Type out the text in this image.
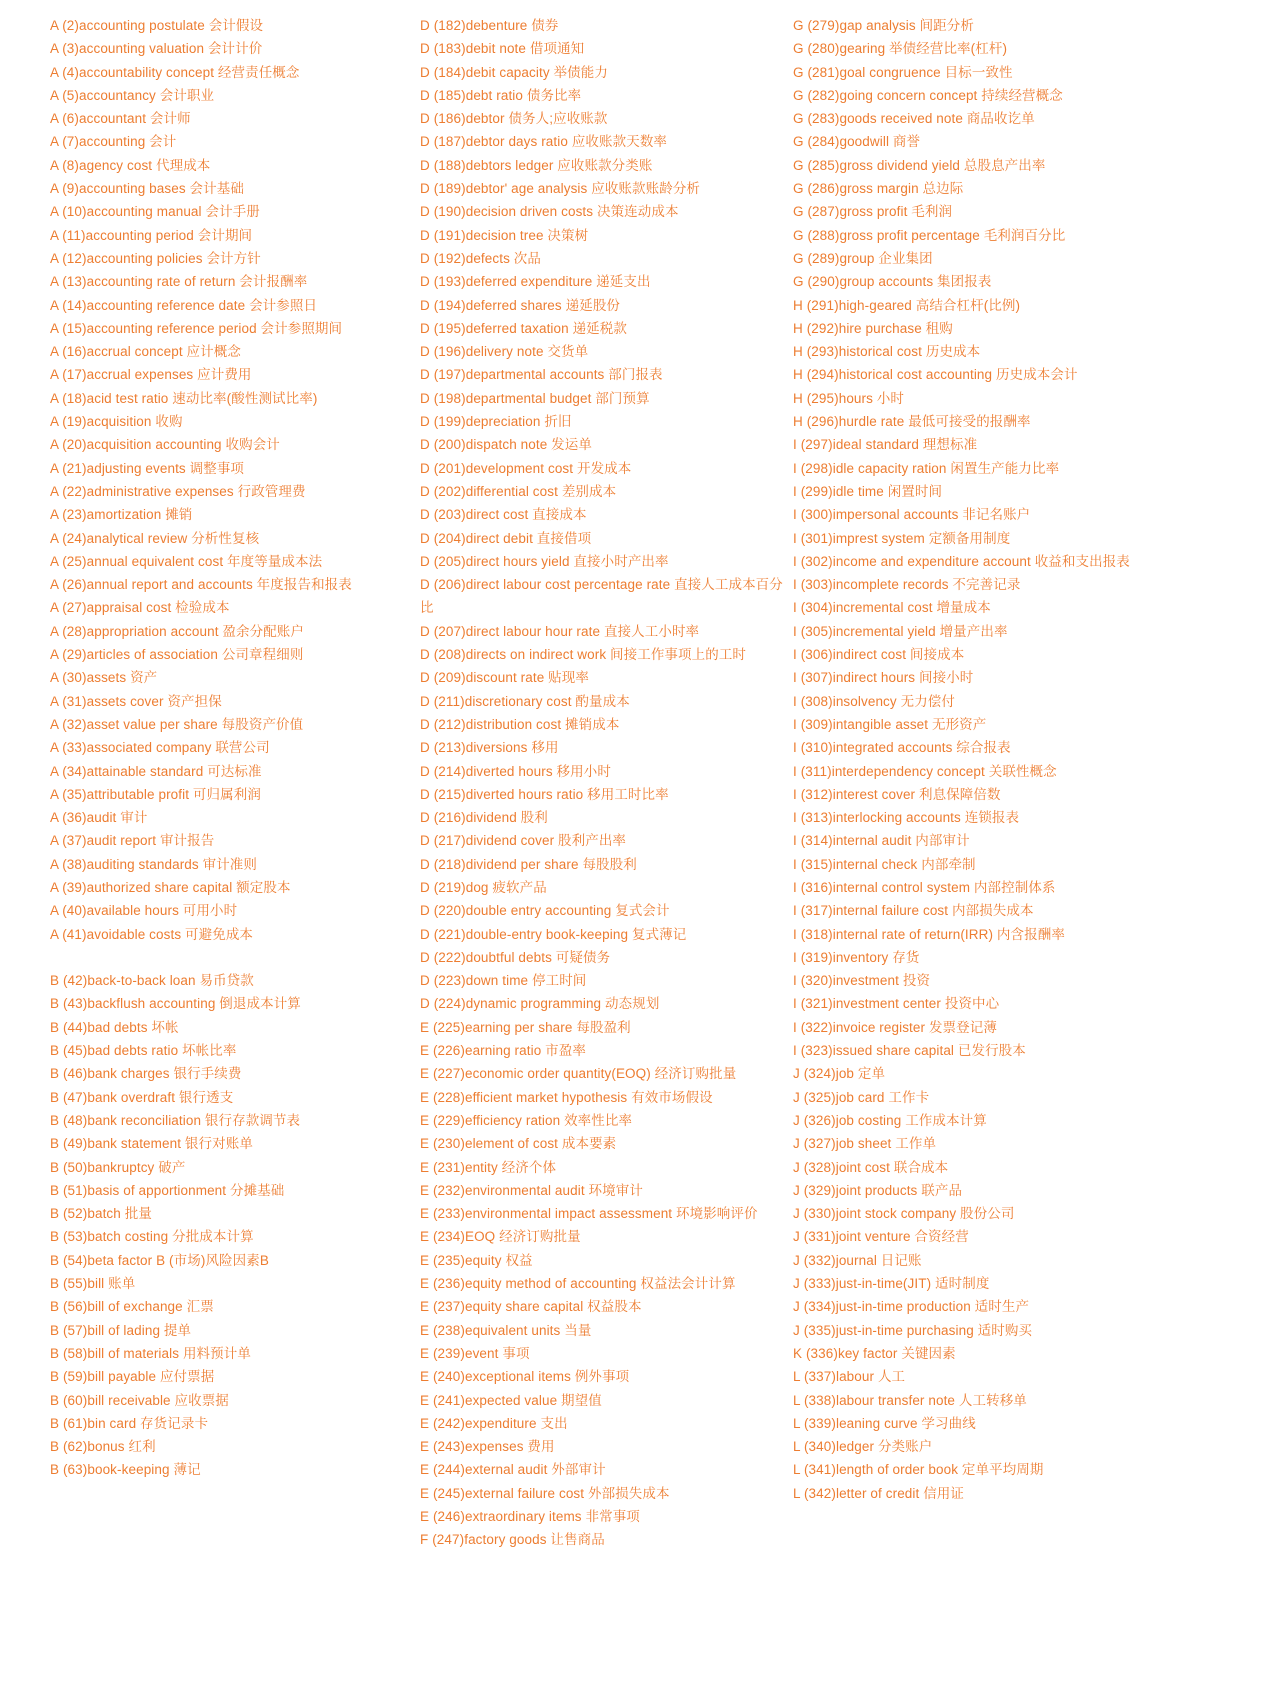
A (2)accounting postulate 会计假设
A (3)accounting valuation 会计计价
A (4)accountability concept 经营责任概念
A (5)accountancy 会计职业
A (6)accountant 会计师
A (7)accounting 会计
A (8)agency cost 代理成本
A (9)accounting bases 会计基础
A (10)accounting manual 会计手册
A (11)accounting period 会计期间
A (12)accounting policies 会计方针
A (13)accounting rate of return 会计报酬率
A (14)accounting reference date 会计参照日
A (15)accounting reference period 会计参照期间
A (16)accrual concept 应计概念
A (17)accrual expenses 应计费用
A (18)acid test ratio 速动比率(酸性测试比率)
A (19)acquisition 收购
A (20)acquisition accounting 收购会计
A (21)adjusting events 调整事项
A (22)administrative expenses 行政管理费
A (23)amortization 摊销
A (24)analytical review 分析性复核
A (25)annual equivalent cost 年度等量成本法
A (26)annual report and accounts 年度报告和报表
A (27)appraisal cost 检验成本
A (28)appropriation account 盈余分配账户
A (29)articles of association 公司章程细则
A (30)assets 资产
A (31)assets cover 资产担保
A (32)asset value per share 每股资产价值
A (33)associated company 联营公司
A (34)attainable standard 可达标准
A (35)attributable profit 可归属利润
A (36)audit 审计
A (37)audit report 审计报告
A (38)auditing standards 审计准则
A (39)authorized share capital 额定股本
A (40)available hours 可用小时
A (41)avoidable costs 可避免成本
B (42)back-to-back loan 易币贷款
B (43)backflush accounting 倒退成本计算
B (44)bad debts 坏帐
B (45)bad debts ratio 坏帐比率
B (46)bank charges 银行手续费
B (47)bank overdraft 银行透支
B (48)bank reconciliation 银行存款调节表
B (49)bank statement 银行对账单
B (50)bankruptcy 破产
B (51)basis of apportionment 分摊基础
B (52)batch 批量
B (53)batch costing 分批成本计算
B (54)beta factor B (市场)风险因素B
B (55)bill 账单
B (56)bill of exchange 汇票
B (57)bill of lading 提单
B (58)bill of materials 用料预计单
B (59)bill payable 应付票据
B (60)bill receivable 应收票据
B (61)bin card 存货记录卡
B (62)bonus 红利
B (63)book-keeping 薄记
D (182)debenture 债券
D (183)debit note 借项通知
D (184)debit capacity 举债能力
D (185)debt ratio 债务比率
D (186)debtor 债务人;应收账款
D (187)debtor days ratio 应收账款天数率
D (188)debtors ledger 应收账款分类账
D (189)debtor' age analysis 应收账款账龄分析
D (190)decision driven costs 决策连动成本
D (191)decision tree 决策树
D (192)defects 次品
D (193)deferred expenditure 递延支出
D (194)deferred shares 递延股份
D (195)deferred taxation 递延税款
D (196)delivery note 交货单
D (197)departmental accounts 部门报表
D (198)departmental budget 部门预算
D (199)depreciation 折旧
D (200)dispatch note 发运单
D (201)development cost 开发成本
D (202)differential cost 差别成本
D (203)direct cost 直接成本
D (204)direct debit 直接借项
D (205)direct hours yield 直接小时产出率
D (206)direct labour cost percentage rate 直接人工成本百分比
D (207)direct labour hour rate 直接人工小时率
D (208)directs on indirect work 间接工作事项上的工时
D (209)discount rate 贴现率
D (211)discretionary cost 酌量成本
D (212)distribution cost 摊销成本
D (213)diversions 移用
D (214)diverted hours 移用小时
D (215)diverted hours ratio 移用工时比率
D (216)dividend 股利
D (217)dividend cover 股利产出率
D (218)dividend per share 每股股利
D (219)dog 疲软产品
D (220)double entry accounting 复式会计
D (221)double-entry book-keeping 复式薄记
D (222)doubtful debts 可疑债务
D (223)down time 停工时间
D (224)dynamic programming 动态规划
E (225)earning per share 每股盈利
E (226)earning ratio 市盈率
E (227)economic order quantity(EOQ) 经济订购批量
E (228)efficient market hypothesis 有效市场假设
E (229)efficiency ration 效率性比率
E (230)element of cost 成本要素
E (231)entity 经济个体
E (232)environmental audit 环境审计
E (233)environmental impact assessment 环境影响评价
E (234)EOQ 经济订购批量
E (235)equity 权益
E (236)equity method of accounting 权益法会计计算
E (237)equity share capital 权益股本
E (238)equivalent units 当量
E (239)event 事项
E (240)exceptional items 例外事项
E (241)expected value 期望值
E (242)expenditure 支出
E (243)expenses 费用
E (244)external audit 外部审计
E (245)external failure cost 外部损失成本
E (246)extraordinary items 非常事项
F (247)factory goods 让售商品
G (279)gap analysis 间距分析
G (280)gearing 举债经营比率(杠杆)
G (281)goal congruence 目标一致性
G (282)going concern concept 持续经营概念
G (283)goods received note 商品收讫单
G (284)goodwill 商誉
G (285)gross dividend yield 总股息产出率
G (286)gross margin 总边际
G (287)gross profit 毛利润
G (288)gross profit percentage 毛利润百分比
G (289)group 企业集团
G (290)group accounts 集团报表
H (291)high-geared 高结合杠杆(比例)
H (292)hire purchase 租购
H (293)historical cost 历史成本
H (294)historical cost accounting 历史成本会计
H (295)hours 小时
H (296)hurdle rate 最低可接受的报酬率
I (297)ideal standard 理想标准
I (298)idle capacity ration 闲置生产能力比率
I (299)idle time 闲置时间
I (300)impersonal accounts 非记名账户
I (301)imprest system 定额备用制度
I (302)income and expenditure account 收益和支出报表
I (303)incomplete records 不完善记录
I (304)incremental cost 增量成本
I (305)incremental yield 增量产出率
I (306)indirect cost 间接成本
I (307)indirect hours 间接小时
I (308)insolvency 无力偿付
I (309)intangible asset 无形资产
I (310)integrated accounts 综合报表
I (311)interdependency concept 关联性概念
I (312)interest cover 利息保障倍数
I (313)interlocking accounts 连锁报表
I (314)internal audit 内部审计
I (315)internal check 内部牵制
I (316)internal control system 内部控制体系
I (317)internal failure cost 内部损失成本
I (318)internal rate of return(IRR) 内含报酬率
I (319)inventory 存货
I (320)investment 投资
I (321)investment center 投资中心
I (322)invoice register 发票登记薄
I (323)issued share capital 已发行股本
J (324)job 定单
J (325)job card 工作卡
J (326)job costing 工作成本计算
J (327)job sheet 工作单
J (328)joint cost 联合成本
J (329)joint products 联产品
J (330)joint stock company 股份公司
J (331)joint venture 合资经营
J (332)journal 日记账
J (333)just-in-time(JIT) 适时制度
J (334)just-in-time production 适时生产
J (335)just-in-time purchasing 适时购买
K (336)key factor 关键因素
L (337)labour 人工
L (338)labour transfer note 人工转移单
L (339)leaning curve 学习曲线
L (340)ledger 分类账户
L (341)length of order book 定单平均周期
L (342)letter of credit 信用证
